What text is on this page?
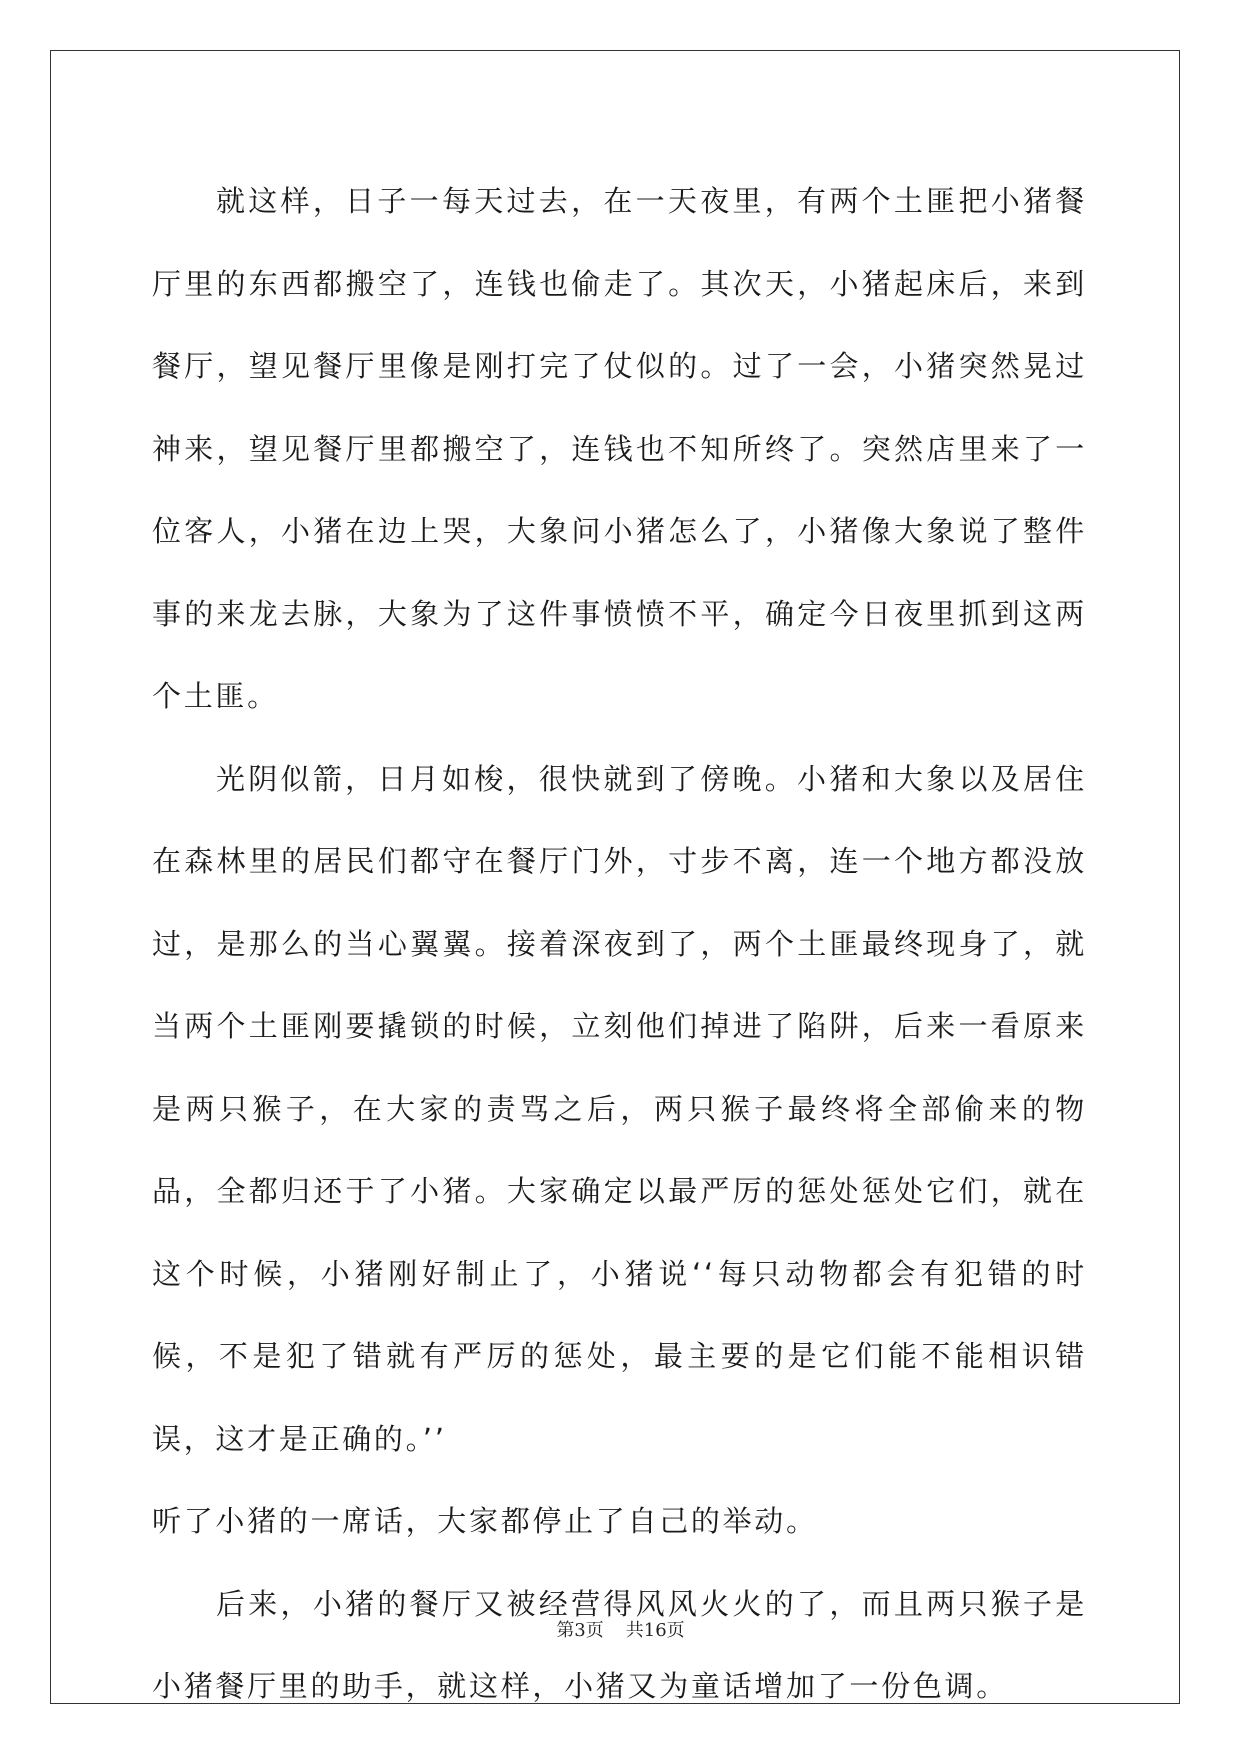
就这样，日子一每天过去，在一天夜里，有两个土匪把小猪餐厅里的东西都搬空了，连钱也偷走了。其次天，小猪起床后，来到餐厅，望见餐厅里像是刚打完了仗似的。过了一会，小猪突然晃过神来，望见餐厅里都搬空了，连钱也不知所终了。突然店里来了一位客人，小猪在边上哭，大象问小猪怎么了，小猪像大象说了整件事的来龙去脉，大象为了这件事愤愤不平，确定今日夜里抓到这两个土匪。

光阴似箭，日月如梭，很快就到了傍晚。小猪和大象以及居住在森林里的居民们都守在餐厅门外，寸步不离，连一个地方都没放过，是那么的当心翼翼。接着深夜到了，两个土匪最终现身了，就当两个土匪刚要撬锁的时候，立刻他们掉进了陷阱，后来一看原来是两只猴子，在大家的责骂之后，两只猴子最终将全部偷来的物品，全都归还于了小猪。大家确定以最严厉的惩处惩处它们，就在这个时候，小猪刚好制止了，小猪说‘‘每只动物都会有犯错的时候，不是犯了错就有严厉的惩处，最主要的是它们能不能相识错误，这才是正确的。’’

听了小猪的一席话，大家都停止了自己的举动。

后来，小猪的餐厅又被经营得风风火火的了，而且两只猴子是小猪餐厅里的助手，就这样，小猪又为童话增加了一份色调。

第3页 共16页
